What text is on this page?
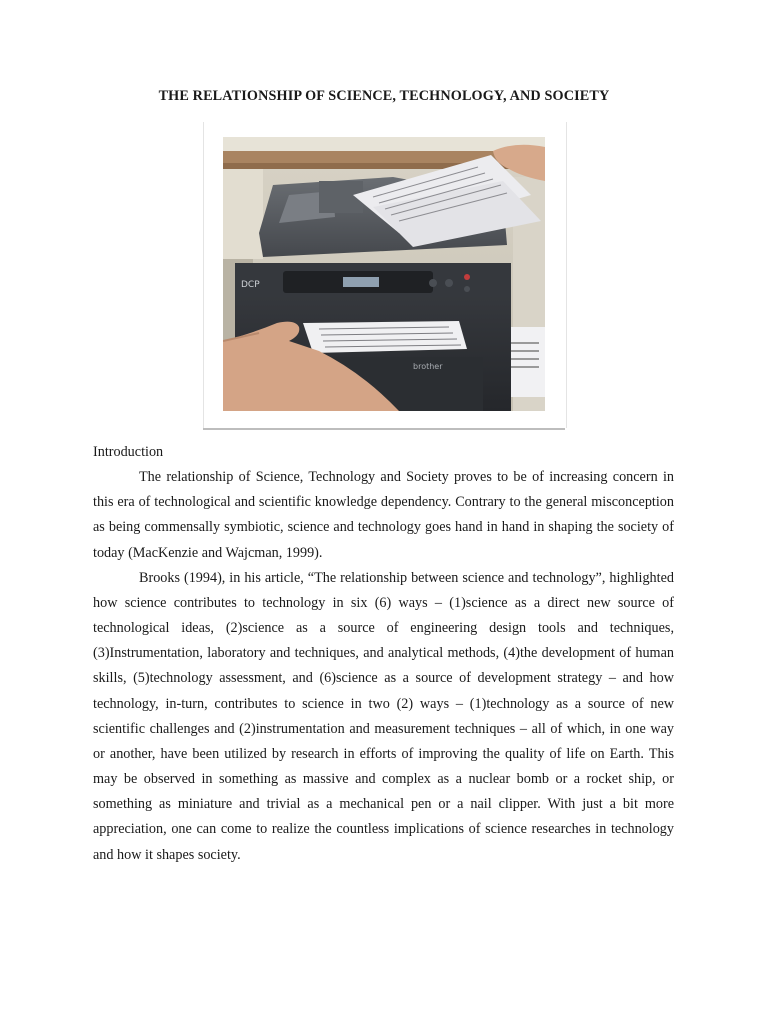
THE RELATIONSHIP OF SCIENCE, TECHNOLOGY, AND SOCIETY
DCP
brother

Introduction

The relationship of Science, Technology and Society proves to be of increasing concern in this era of technological and scientific knowledge dependency. Contrary to the general misconception as being commensally symbiotic, science and technology goes hand in hand in shaping the society of today (MacKenzie and Wajcman, 1999).

Brooks (1994), in his article, “The relationship between science and technology”, highlighted how science contributes to technology in six (6) ways – (1)science as a direct new source of technological ideas, (2)science as a source of engineering design tools and techniques, (3)Instrumentation, laboratory and techniques, and analytical methods, (4)the development of human skills, (5)technology assessment, and (6)science as a source of development strategy – and how technology, in-turn, contributes to science in two (2) ways – (1)technology as a source of new scientific challenges and (2)instrumentation and measurement techniques – all of which, in one way or another, have been utilized by research in efforts of improving the quality of life on Earth. This may be observed in something as massive and complex as a nuclear bomb or a rocket ship, or something as miniature and trivial as a mechanical pen or a nail clipper. With just a bit more appreciation, one can come to realize the countless implications of science researches in technology and how it shapes society.
